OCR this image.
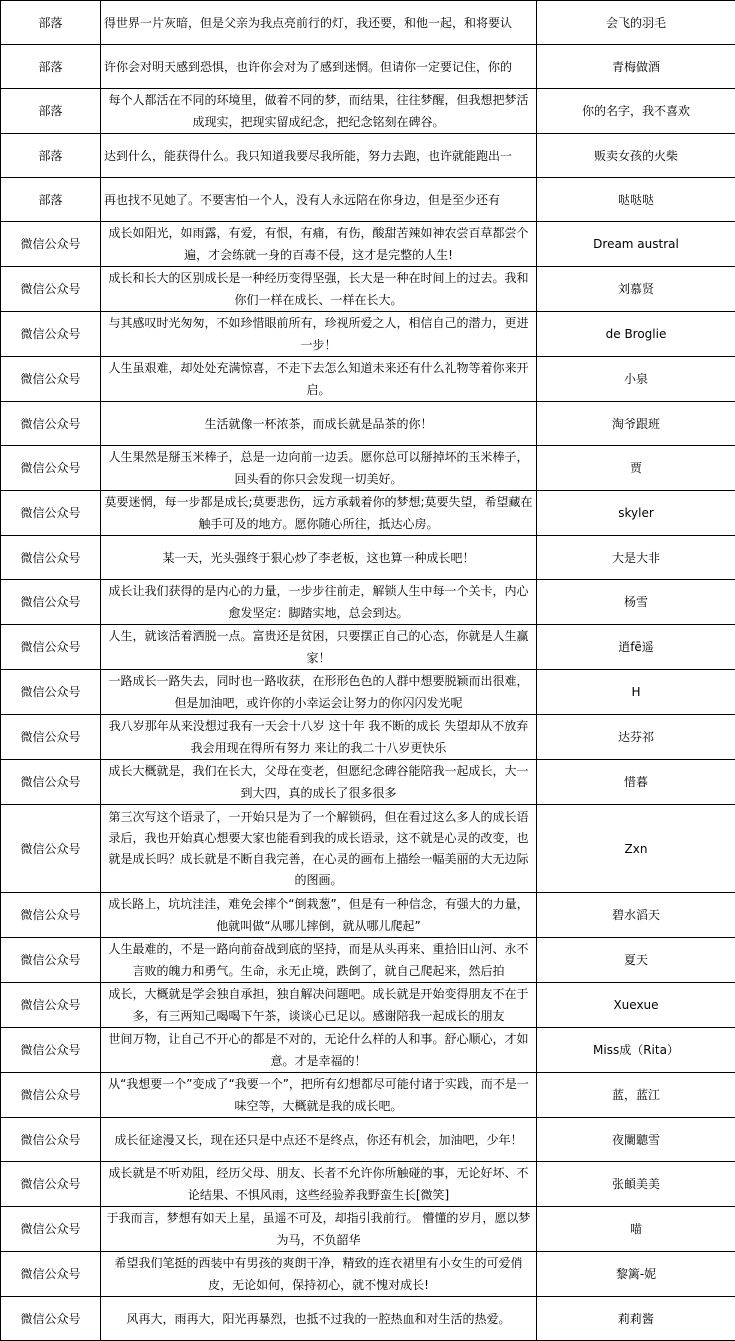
部落	得世界一片灰暗，但是父亲为我点亮前行的灯，我还要，和他一起，和将要认	会飞的羽毛
部落	许你会对明天感到恐惧，也许你会对为了感到迷惘。但请你一定要记住，你的	青梅做酒
部落	每个人都活在不同的环境里，做着不同的梦，而结果，往往梦醒，但我想把梦活成现实，把现实留成纪念，把纪念铭刻在碑谷。	你的名字，我不喜欢
部落	达到什么，能获得什么。我只知道我要尽我所能，努力去跑，也许就能跑出一	贩卖女孩的火柴
部落	再也找不见她了。不要害怕一个人，没有人永远陪在你身边，但是至少还有	哒哒哒
微信公众号	成长如阳光，如雨露，有爱，有恨，有痛，有伤，酸甜苦辣如神农尝百草都尝个遍，才会练就一身的百毒不侵，这才是完整的人生!	Dream austral
微信公众号	成长和长大的区别成长是一种经历变得坚强，长大是一种在时间上的过去。我和你们一样在成长、一样在长大。	刘慕贤
微信公众号	与其感叹时光匆匆，不如珍惜眼前所有，珍视所爱之人，相信自己的潜力，更进一步！	de Broglie
微信公众号	人生虽艰难，却处处充满惊喜，不走下去怎么知道未来还有什么礼物等着你来开启。	小泉
微信公众号	生活就像一杯浓茶，而成长就是品茶的你！	淘爷跟班
微信公众号	人生果然是掰玉米棒子，总是一边向前一边丢。愿你总可以掰掉坏的玉米棒子，回头看的你只会发现一切美好。	贾
微信公众号	莫要迷惘，每一步都是成长;莫要悲伤，远方承载着你的梦想;莫要失望，希望藏在触手可及的地方。愿你随心所往，抵达心房。	skyler
微信公众号	某一天，光头强终于狠心炒了李老板，这也算一种成长吧！	大是大非
微信公众号	成长让我们获得的是内心的力量，一步步往前走，解锁人生中每一个关卡，内心愈发坚定：脚踏实地，总会到达。	杨雪
微信公众号	人生，就该活着洒脱一点。富贵还是贫困，只要摆正自己的心态，你就是人生赢家！	逍fē遥
微信公众号	一路成长一路失去，同时也一路收获，在形形色色的人群中想要脱颖而出很难，但是加油吧，或许你的小幸运会让努力的你闪闪发光呢	H
微信公众号	我八岁那年从来没想过我有一天会十八岁 这十年 我不断的成长 失望却从不放弃 我会用现在得所有努力 来让的我二十八岁更快乐	达芬祁
微信公众号	成长大概就是，我们在长大，父母在变老，但愿纪念碑谷能陪我一起成长，大一到大四，真的成长了很多很多	惜暮
微信公众号	第三次写这个语录了，一开始只是为了一个解锁码，但在看过这么多人的成长语录后，我也开始真心想要大家也能看到我的成长语录，这不就是心灵的改变，也就是成长吗？成长就是不断自我完善，在心灵的画布上描绘一幅美丽的大无边际的图画。	Zxn
微信公众号	成长路上，坑坑洼洼，难免会摔个“倒栽葱”，但是有一种信念，有强大的力量，他就叫做“从哪儿摔倒，就从哪儿爬起”	碧水滔天
微信公众号	人生最难的，不是一路向前奋战到底的坚持，而是从头再来、重拾旧山河、永不言败的魄力和勇气。生命，永无止境，跌倒了，就自己爬起来，然后拍	夏天
微信公众号	成长，大概就是学会独自承担，独自解决问题吧。成长就是开始变得朋友不在于多，有三两知己喝喝下午茶，谈谈心已足以。感谢陪我一起成长的朋友	Xuexue
微信公众号	世间万物，让自己不开心的都是不对的，无论什么样的人和事。舒心顺心，才如意。才是幸福的！	Miss成（Rita）
微信公众号	从“我想要一个”变成了“我要一个”，把所有幻想都尽可能付诸于实践，而不是一味空等，大概就是我的成长吧。	蓝，蓝江
微信公众号	成长征途漫又长，现在还只是中点还不是终点，你还有机会，加油吧，少年！	夜闌聽雪
微信公众号	成长就是不听劝阻，经历父母、朋友、长者不允许你所触碰的事，无论好坏、不论结果、不惧风雨，这些经验养我野蛮生长[微笑]	张頔美美
微信公众号	于我而言，梦想有如天上星，虽遥不可及，却指引我前行。 懵懂的岁月，愿以梦为马，不负韶华	喵
微信公众号	希望我们笔挺的西装中有男孩的爽朗干净，精致的连衣裙里有小女生的可爱俏皮，无论如何，保持初心，就不愧对成长!	黎篱-妮
微信公众号	风再大，雨再大，阳光再暴烈，也抵不过我的一腔热血和对生活的热爱。	莉莉酱
